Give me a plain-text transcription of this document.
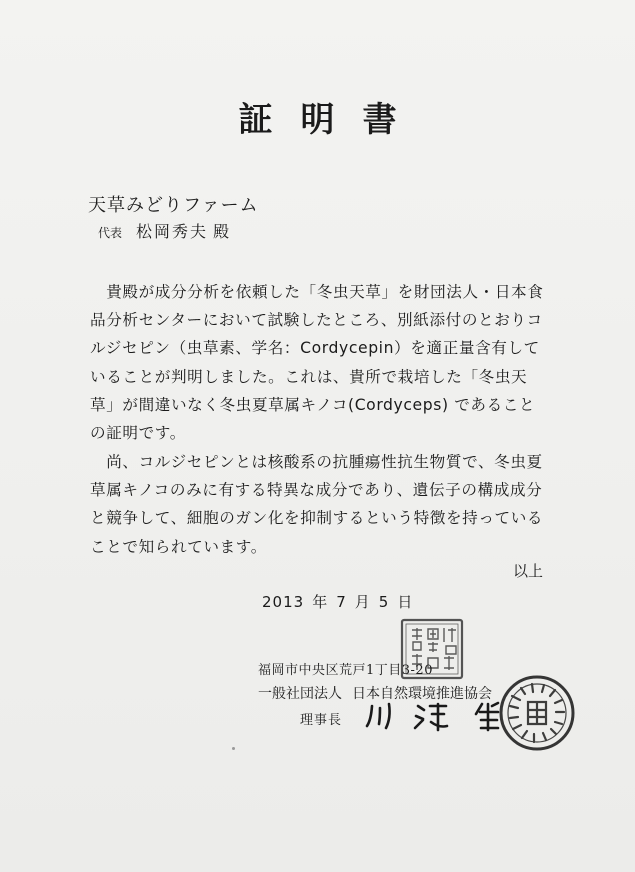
証明書
天草みどりファーム
代表 松岡秀夫 殿
　貴殿が成分分析を依頼した「冬虫天草」を財団法人・日本食品分析センターにおいて試験したところ、別紙添付のとおりコルジセピン（虫草素、学名：Cordycepin）を適正量含有していることが判明しました。これは、貴所で栽培した「冬虫天草」が間違いなく冬虫夏草属キノコ(Cordyceps) であることの証明です。
　尚、コルジセピンとは核酸系の抗腫瘍性抗生物質で、冬虫夏草属キノコのみに有する特異な成分であり、遺伝子の構成成分と競争して、細胞のガン化を抑制するという特徴を持っていることで知られています。
以上
2013 年 7 月 5 日
福岡市中央区荒戸1丁目3-20
一般社団法人 日本自然環境推進協会
理事長
